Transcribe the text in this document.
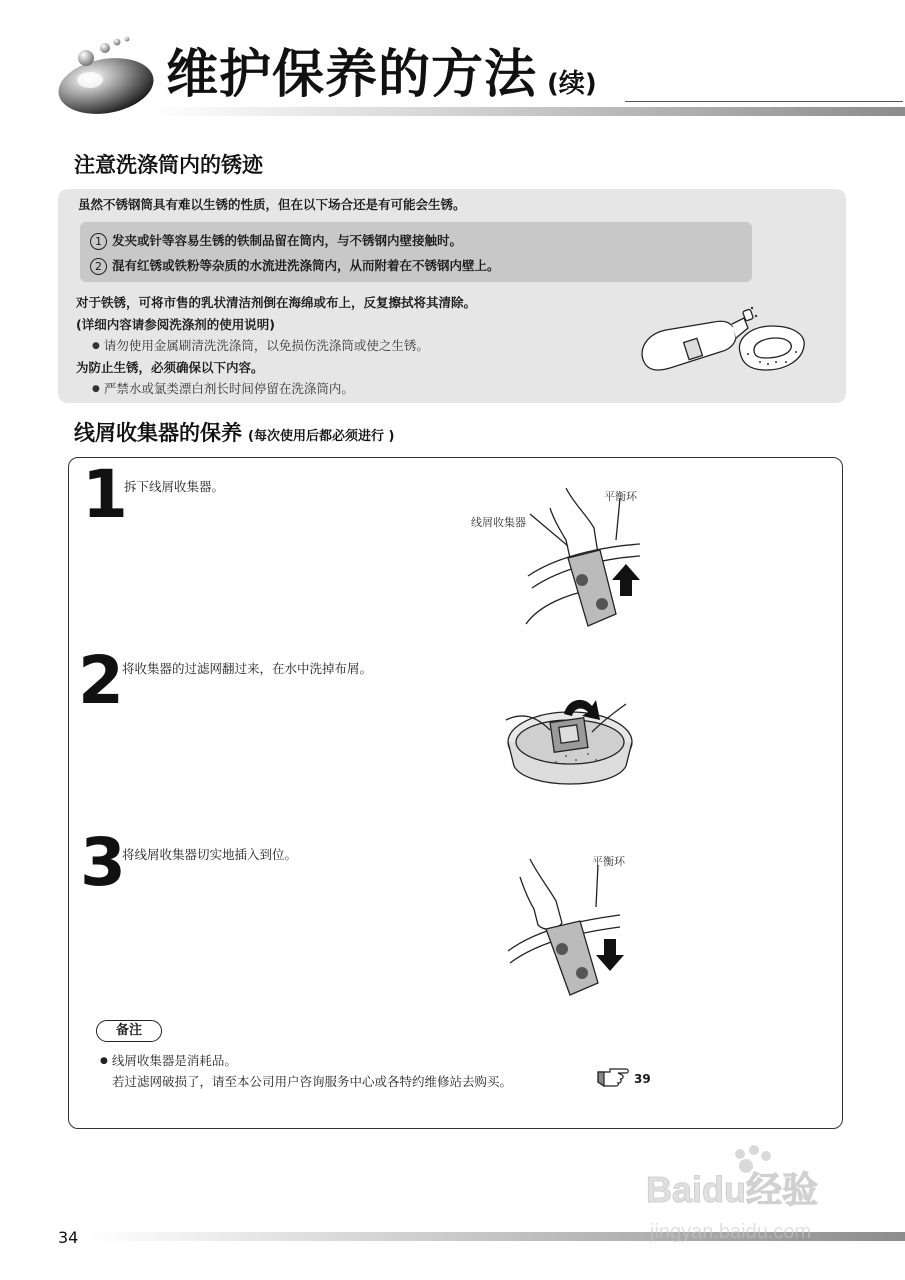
维护保养的方法 (续)
注意洗涤筒内的锈迹
虽然不锈钢筒具有难以生锈的性质，但在以下场合还是有可能会生锈。
1 发夹或针等容易生锈的铁制品留在筒内，与不锈钢内壁接触时。
2 混有红锈或铁粉等杂质的水流进洗涤筒内，从而附着在不锈钢内壁上。
对于铁锈，可将市售的乳状清洁剂倒在海绵或布上，反复擦拭将其清除。
(详细内容请参阅洗涤剂的使用说明)
● 请勿使用金属刷清洗洗涤筒，以免损伤洗涤筒或使之生锈。
为防止生锈，必须确保以下内容。
● 严禁水或氯类漂白剂长时间停留在洗涤筒内。
线屑收集器的保养 (每次使用后都必须进行 )
1
拆下线屑收集器。
平衡环
线屑收集器
2
将收集器的过滤网翻过来，在水中洗掉布屑。
3
将线屑收集器切实地插入到位。	平衡环
备注
● 线屑收集器是消耗品。
若过滤网破损了，请至本公司用户咨询服务中心或各特约维修站去购买。	39
34
Baidu经验
jingyan.baidu.com
